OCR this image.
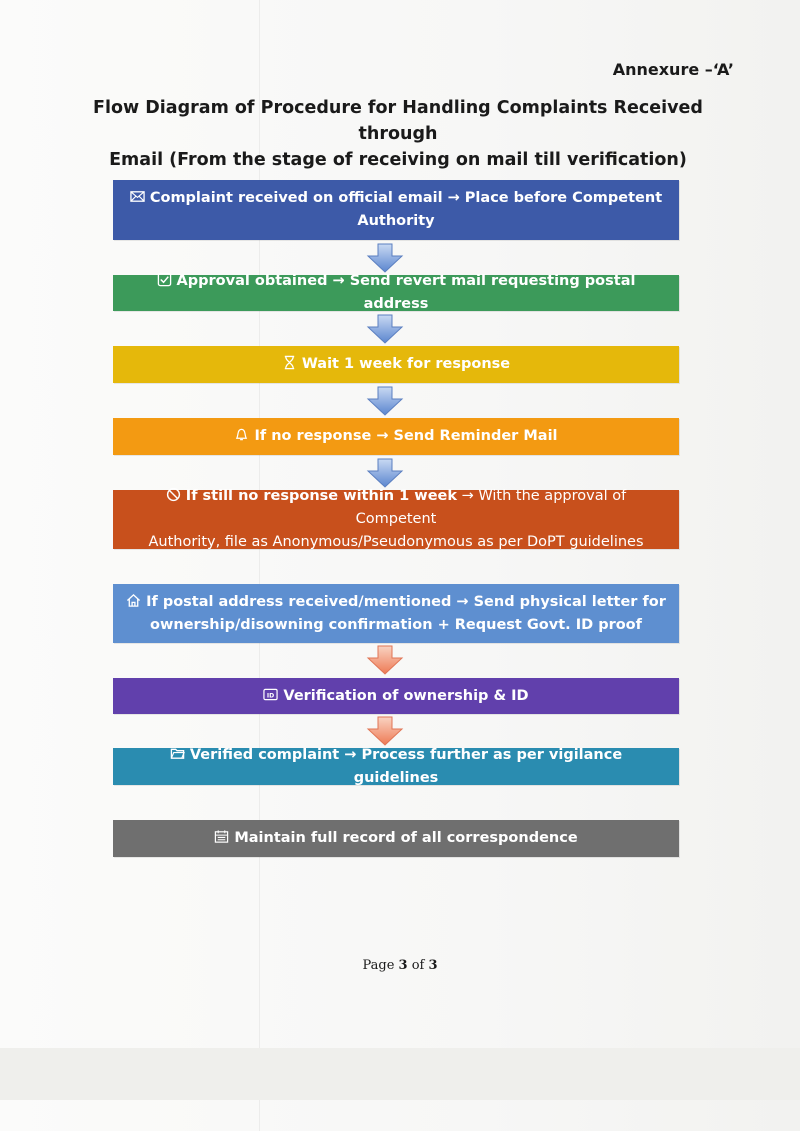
Annexure –‘A’
Flow Diagram of Procedure for Handling Complaints Received through
Email (From the stage of receiving on mail till verification)
Complaint received on official email → Place before Competent
Authority
Approval obtained → Send revert mail requesting postal address
Wait 1 week for response
If no response → Send Reminder Mail
If still no response within 1 week → With the approval of Competent
Authority, file as Anonymous/Pseudonymous as per DoPT guidelines
If postal address received/mentioned → Send physical letter for
ownership/disowning confirmation + Request Govt. ID proof
ID Verification of ownership & ID
Verified complaint → Process further as per vigilance guidelines
Maintain full record of all correspondence
Page 3 of 3
